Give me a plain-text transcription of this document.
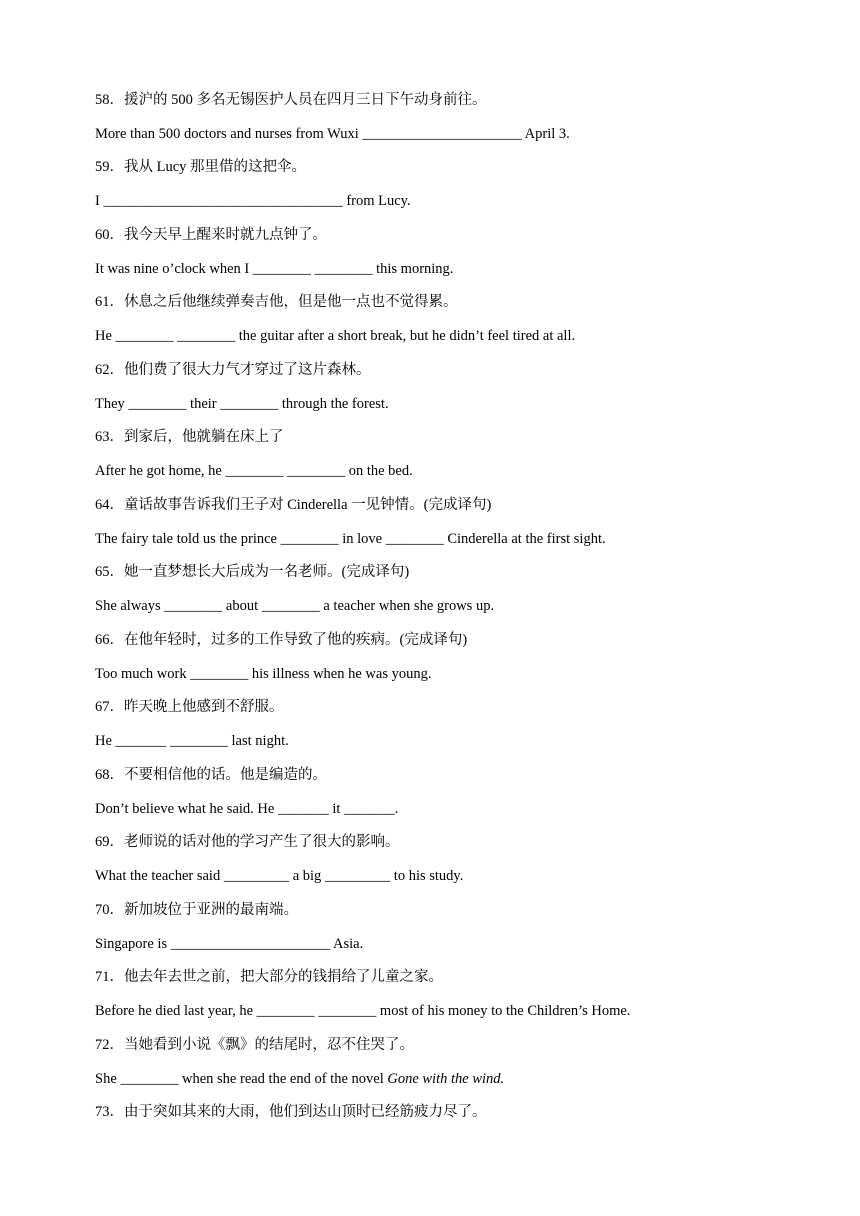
58．援沪的 500 多名无锡医护人员在四月三日下午动身前往。
More than 500 doctors and nurses from Wuxi ______________________ April 3.
59．我从 Lucy 那里借的这把伞。
I _________________________________ from Lucy.
60．我今天早上醒来时就九点钟了。
It was nine o’clock when I ________ ________ this morning.
61．休息之后他继续弹奏吉他，但是他一点也不觉得累。
He ________ ________ the guitar after a short break, but he didn’t feel tired at all.
62．他们费了很大力气才穿过了这片森林。
They ________ their ________ through the forest.
63．到家后，他就躺在床上了
After he got home, he ________ ________ on the bed.
64．童话故事告诉我们王子对 Cinderella 一见钟情。(完成译句)
The fairy tale told us the prince ________ in love ________ Cinderella at the first sight.
65．她一直梦想长大后成为一名老师。(完成译句)
She always ________ about ________ a teacher when she grows up.
66．在他年轻时，过多的工作导致了他的疾病。(完成译句)
Too much work ________ his illness when he was young.
67．昨天晚上他感到不舒服。
He _______ ________ last night.
68．不要相信他的话。他是编造的。
Don’t believe what he said. He _______ it _______.
69．老师说的话对他的学习产生了很大的影响。
What the teacher said _________ a big _________ to his study.
70．新加坡位于亚洲的最南端。
Singapore is ______________________ Asia.
71．他去年去世之前，把大部分的钱捐给了儿童之家。
Before he died last year, he ________ ________ most of his money to the Children’s Home.
72．当她看到小说《飘》的结尾时，忍不住哭了。
She ________ when she read the end of the novel Gone with the wind.
73．由于突如其来的大雨，他们到达山顶时已经筋疲力尽了。
